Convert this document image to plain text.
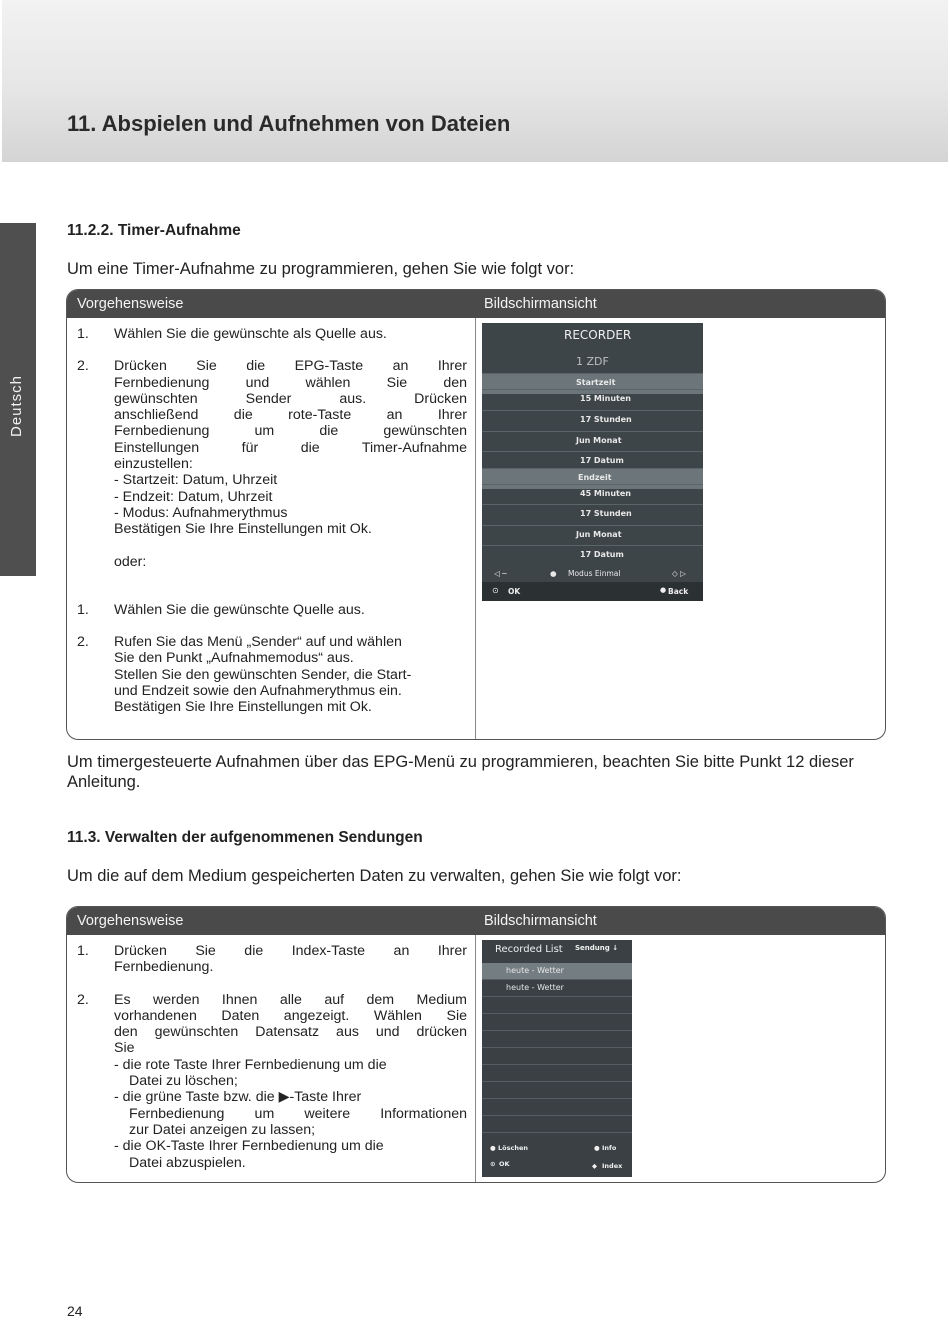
11. Abspielen und Aufnehmen von Dateien
Deutsch
11.2.2. Timer-Aufnahme

Um eine Timer-Aufnahme zu programmieren, gehen Sie wie folgt vor:

Vorgehensweise	Bildschirmansicht
1. Wählen Sie die gewünschte als Quelle aus.
2. Drücken Sie die EPG-Taste an Ihrer
Fernbedienung und wählen Sie den
gewünschten Sender aus. Drücken
anschließend die rote-Taste an Ihrer
Fernbedienung um die gewünschten
Einstellungen für die Timer-Aufnahme
einzustellen:
- Startzeit: Datum, Uhrzeit
- Endzeit: Datum, Uhrzeit
- Modus: Aufnahmerythmus
Bestätigen Sie Ihre Einstellungen mit Ok.
oder:
1. Wählen Sie die gewünschte Quelle aus.
2. Rufen Sie das Menü „Sender“ auf und wählen
Sie den Punkt „Aufnahmemodus“ aus.
Stellen Sie den gewünschten Sender, die Start-
und Endzeit sowie den Aufnahmerythmus ein.
Bestätigen Sie Ihre Einstellungen mit Ok.
RECORDER
1 ZDF
Startzeit
15 Minuten
17 Stunden
Jun Monat
17 Datum
Endzeit
45 Minuten
17 Stunden
Jun Monat
17 Datum
◁ ─	● Modus Einmal	◇ ▷
⊙ OK	● Back

Um timergesteuerte Aufnahmen über das EPG-Menü zu programmieren, beachten Sie bitte Punkt 12 dieser Anleitung.

11.3. Verwalten der aufgenommenen Sendungen

Um die auf dem Medium gespeicherten Daten zu verwalten, gehen Sie wie folgt vor:

Vorgehensweise	Bildschirmansicht
1. Drücken Sie die Index-Taste an Ihrer
Fernbedienung.
2. Es werden Ihnen alle auf dem Medium
vorhandenen Daten angezeigt. Wählen Sie
den gewünschten Datensatz aus und drücken
Sie
- die rote Taste Ihrer Fernbedienung um die
Datei zu löschen;
- die grüne Taste bzw. die ▶-Taste Ihrer
Fernbedienung um weitere Informationen
zur Datei anzeigen zu lassen;
- die OK-Taste Ihrer Fernbedienung um die
Datei abzuspielen.
Recorded List Sendung ↓
heute - Wetter
heute - Wetter
● Löschen	● Info
⊙ OK	◆ Index
24
